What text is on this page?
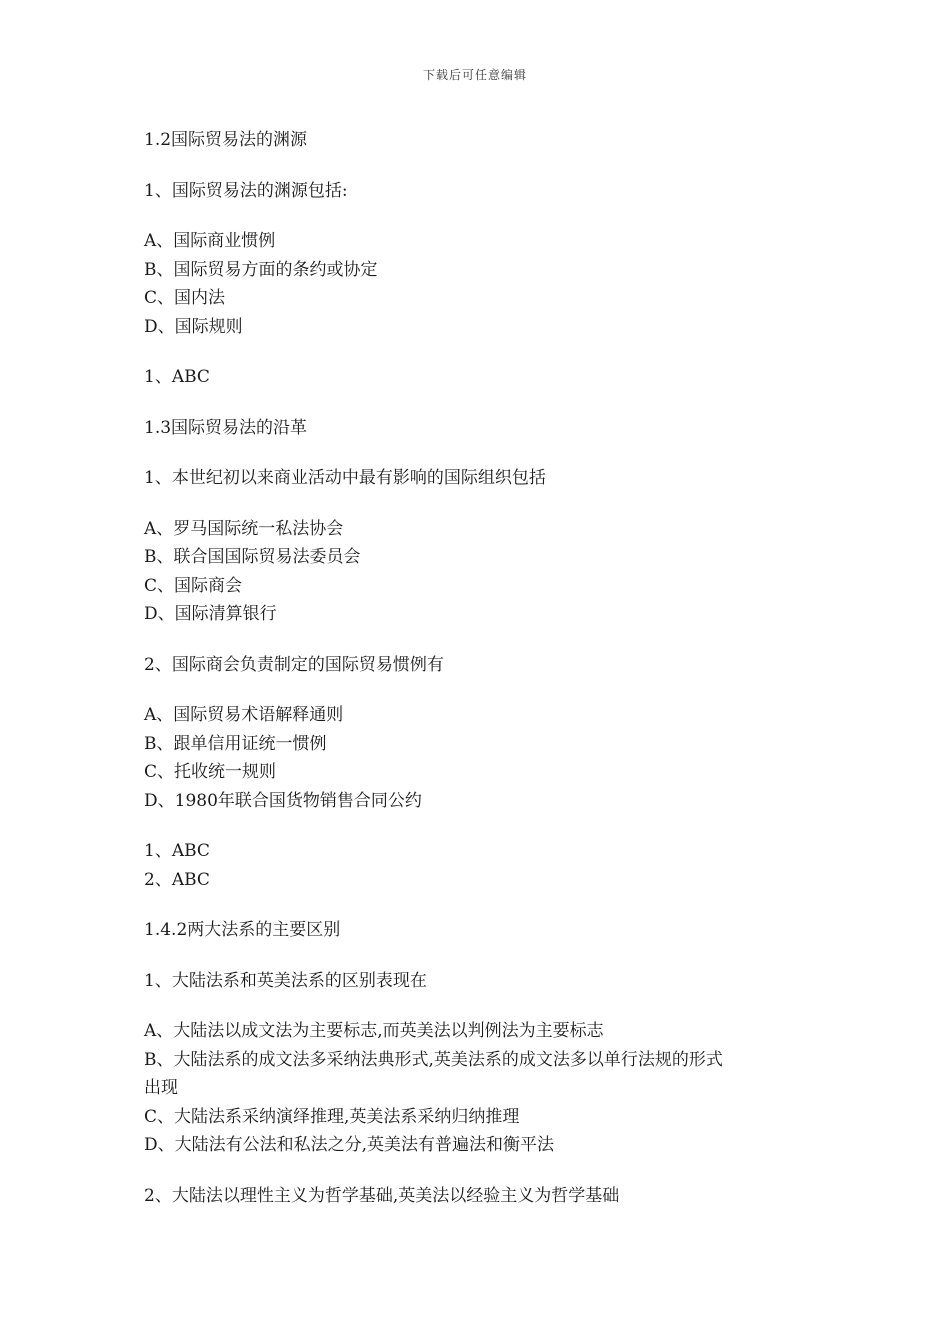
下载后可任意编辑
1.2国际贸易法的渊源
1、国际贸易法的渊源包括:
A、国际商业惯例
B、国际贸易方面的条约或协定
C、国内法
D、国际规则
1、ABC
1.3国际贸易法的沿革
1、本世纪初以来商业活动中最有影响的国际组织包括
A、罗马国际统一私法协会
B、联合国国际贸易法委员会
C、国际商会
D、国际清算银行
2、国际商会负责制定的国际贸易惯例有
A、国际贸易术语解释通则
B、跟单信用证统一惯例
C、托收统一规则
D、1980年联合国货物销售合同公约
1、ABC
2、ABC
1.4.2两大法系的主要区别
1、大陆法系和英美法系的区别表现在
A、大陆法以成文法为主要标志,而英美法以判例法为主要标志
B、大陆法系的成文法多采纳法典形式,英美法系的成文法多以单行法规的形式
出现
C、大陆法系采纳演绎推理,英美法系采纳归纳推理
D、大陆法有公法和私法之分,英美法有普遍法和衡平法
2、大陆法以理性主义为哲学基础,英美法以经验主义为哲学基础
